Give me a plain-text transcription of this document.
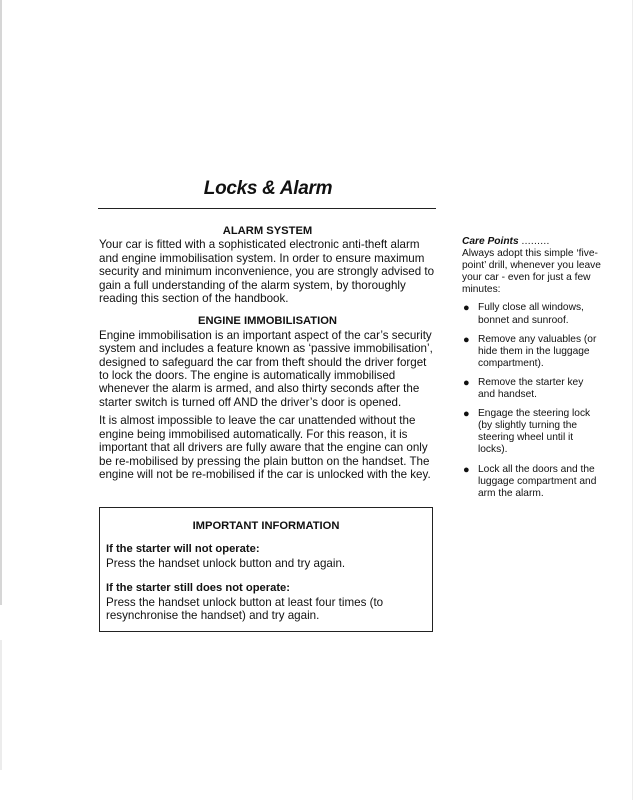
Locks & Alarm

ALARM SYSTEM

Your car is fitted with a sophisticated electronic anti-theft alarm and engine immobilisation system. In order to ensure maximum security and minimum inconvenience, you are strongly advised to gain a full understanding of the alarm system, by thoroughly reading this section of the handbook.

ENGINE IMMOBILISATION

Engine immobilisation is an important aspect of the car’s security system and includes a feature known as ‘passive immobilisation’, designed to safeguard the car from theft should the driver forget to lock the doors. The engine is automatically immobilised whenever the alarm is armed, and also thirty seconds after the starter switch is turned off AND the driver’s door is opened.

It is almost impossible to leave the car unattended without the engine being immobilised automatically. For this reason, it is important that all drivers are fully aware that the engine can only be re-mobilised by pressing the plain button on the handset. The engine will not be re-mobilised if the car is unlocked with the key.

IMPORTANT INFORMATION

If the starter will not operate:
Press the handset unlock button and try again.
If the starter still does not operate:
Press the handset unlock button at least four times (to resynchronise the handset) and try again.
Care Points .........

Always adopt this simple ‘five-point’ drill, whenever you leave your car - even for just a few minutes:

● Fully close all windows, bonnet and sunroof.
● Remove any valuables (or hide them in the luggage compartment).
● Remove the starter key and handset.
● Engage the steering lock (by slightly turning the steering wheel until it locks).
● Lock all the doors and the luggage compartment and arm the alarm.
